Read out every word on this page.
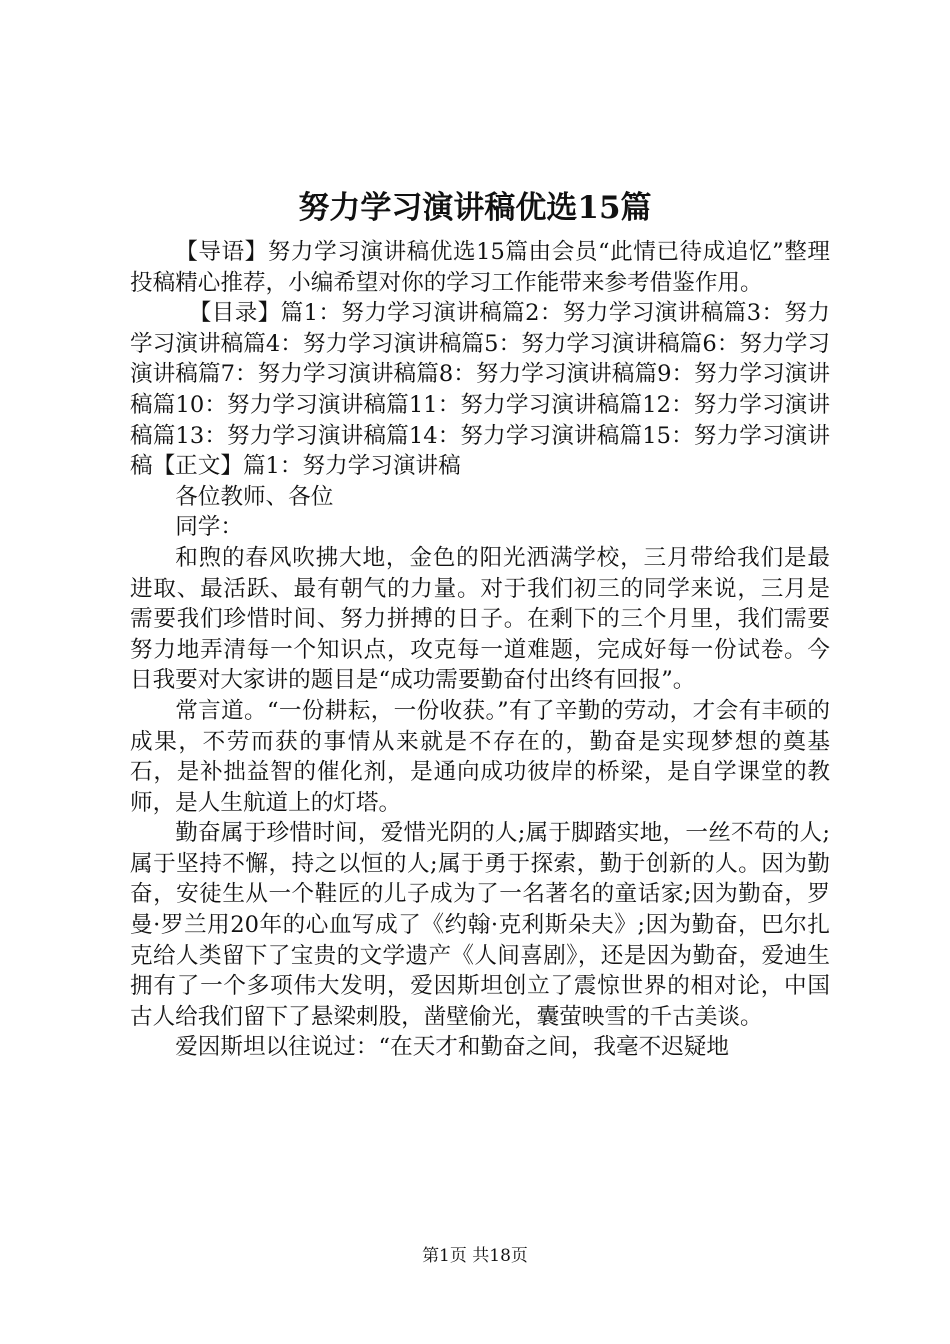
努力学习演讲稿优选15篇

【导语】努力学习演讲稿优选15篇由会员“此情已待成追忆”整理投稿精心推荐，小编希望对你的学习工作能带来参考借鉴作用。

【目录】篇1：努力学习演讲稿篇2：努力学习演讲稿篇3：努力学习演讲稿篇4：努力学习演讲稿篇5：努力学习演讲稿篇6：努力学习演讲稿篇7：努力学习演讲稿篇8：努力学习演讲稿篇9：努力学习演讲稿篇10：努力学习演讲稿篇11：努力学习演讲稿篇12：努力学习演讲稿篇13：努力学习演讲稿篇14：努力学习演讲稿篇15：努力学习演讲稿【正文】篇1：努力学习演讲稿

各位教师、各位

同学：

和煦的春风吹拂大地，金色的阳光洒满学校，三月带给我们是最进取、最活跃、最有朝气的力量。对于我们初三的同学来说，三月是需要我们珍惜时间、努力拼搏的日子。在剩下的三个月里，我们需要努力地弄清每一个知识点，攻克每一道难题，完成好每一份试卷。今日我要对大家讲的题目是“成功需要勤奋付出终有回报”。

常言道。“一份耕耘，一份收获。”有了辛勤的劳动，才会有丰硕的成果，不劳而获的事情从来就是不存在的，勤奋是实现梦想的奠基石，是补拙益智的催化剂，是通向成功彼岸的桥梁，是自学课堂的教师，是人生航道上的灯塔。

勤奋属于珍惜时间，爱惜光阴的人;属于脚踏实地，一丝不苟的人;属于坚持不懈，持之以恒的人;属于勇于探索，勤于创新的人。因为勤奋，安徒生从一个鞋匠的儿子成为了一名著名的童话家;因为勤奋，罗曼·罗兰用20年的心血写成了《约翰·克利斯朵夫》;因为勤奋，巴尔扎克给人类留下了宝贵的文学遗产《人间喜剧》，还是因为勤奋，爱迪生拥有了一个多项伟大发明，爱因斯坦创立了震惊世界的相对论，中国古人给我们留下了悬梁刺股，凿壁偷光，囊萤映雪的千古美谈。

爱因斯坦以往说过：“在天才和勤奋之间，我毫不迟疑地

第1页 共18页
